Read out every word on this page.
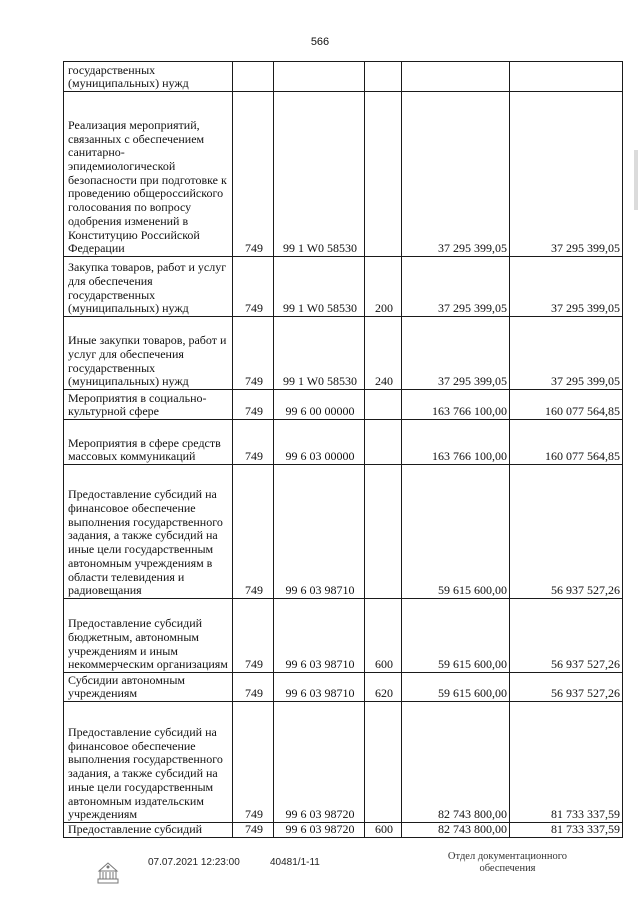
566
государственных (муниципальных) нужд					
Реализация мероприятий, связанных с обеспечением санитарно-эпидемиологической безопасности при подготовке к проведению общероссийского голосования по вопросу одобрения изменений в Конституцию Российской Федерации	749	99 1 W0 58530		37 295 399,05	37 295 399,05
Закупка товаров, работ и услуг для обеспечения государственных (муниципальных) нужд	749	99 1 W0 58530	200	37 295 399,05	37 295 399,05
Иные закупки товаров, работ и услуг для обеспечения государственных (муниципальных) нужд	749	99 1 W0 58530	240	37 295 399,05	37 295 399,05
Мероприятия в социально-культурной сфере	749	99 6 00 00000		163 766 100,00	160 077 564,85
Мероприятия в сфере средств массовых коммуникаций	749	99 6 03 00000		163 766 100,00	160 077 564,85
Предоставление субсидий на финансовое обеспечение выполнения государственного задания, а также субсидий на иные цели государственным автономным учреждениям в области телевидения и радиовещания	749	99 6 03 98710		59 615 600,00	56 937 527,26
Предоставление субсидий бюджетным, автономным учреждениям и иным некоммерческим организациям	749	99 6 03 98710	600	59 615 600,00	56 937 527,26
Субсидии автономным учреждениям	749	99 6 03 98710	620	59 615 600,00	56 937 527,26
Предоставление субсидий на финансовое обеспечение выполнения государственного задания, а также субсидий на иные цели государственным автономным издательским учреждениям	749	99 6 03 98720		82 743 800,00	81 733 337,59
Предоставление субсидий	749	99 6 03 98720	600	82 743 800,00	81 733 337,59
07.07.2021 12:23:00	40481/1-11
Отдел документационного
обеспечения
